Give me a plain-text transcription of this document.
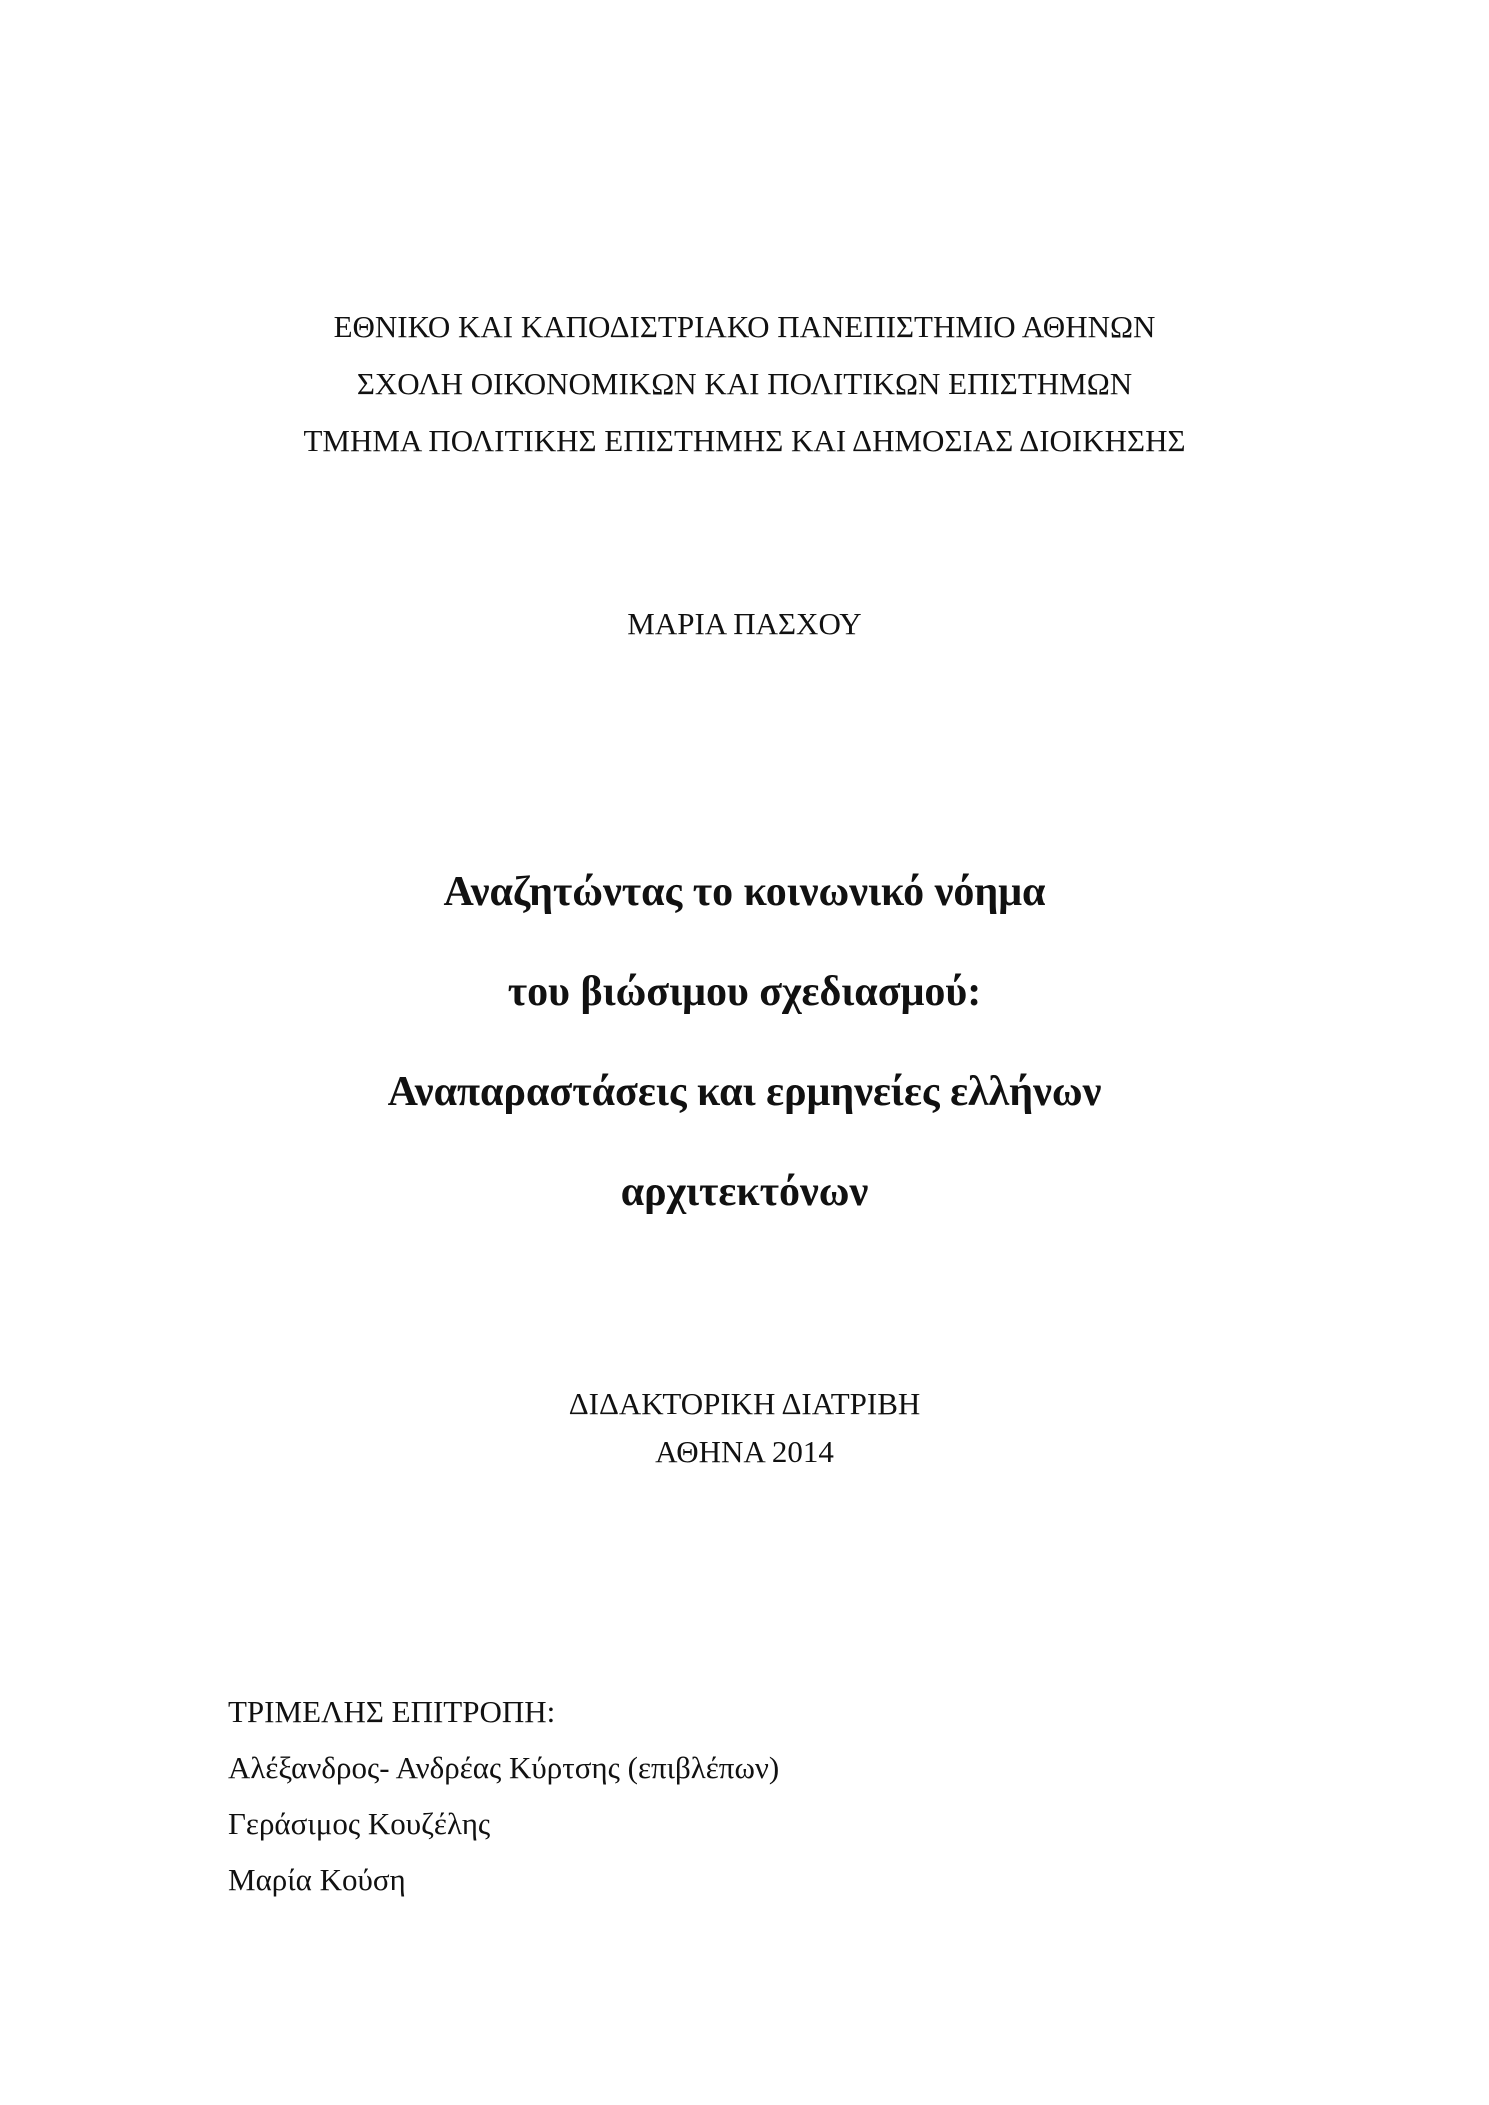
ΕΘΝΙΚΟ ΚΑΙ ΚΑΠΟΔΙΣΤΡΙΑΚΟ ΠΑΝΕΠΙΣΤΗΜΙΟ ΑΘΗΝΩΝ
ΣΧΟΛΗ ΟΙΚΟΝΟΜΙΚΩΝ ΚΑΙ ΠΟΛΙΤΙΚΩΝ ΕΠΙΣΤΗΜΩΝ
ΤΜΗΜΑ ΠΟΛΙΤΙΚΗΣ ΕΠΙΣΤΗΜΗΣ ΚΑΙ ΔΗΜΟΣΙΑΣ ΔΙΟΙΚΗΣΗΣ
ΜΑΡΙΑ ΠΑΣΧΟΥ
Αναζητώντας το κοινωνικό νόημα
του βιώσιμου σχεδιασμού:
Αναπαραστάσεις και ερμηνείες ελλήνων
αρχιτεκτόνων
ΔΙΔΑΚΤΟΡΙΚΗ ΔΙΑΤΡΙΒΗ
ΑΘΗΝΑ 2014
ΤΡΙΜΕΛΗΣ ΕΠΙΤΡΟΠΗ:
Αλέξανδρος- Ανδρέας Κύρτσης (επιβλέπων)
Γεράσιμος Κουζέλης
Μαρία Κούση
